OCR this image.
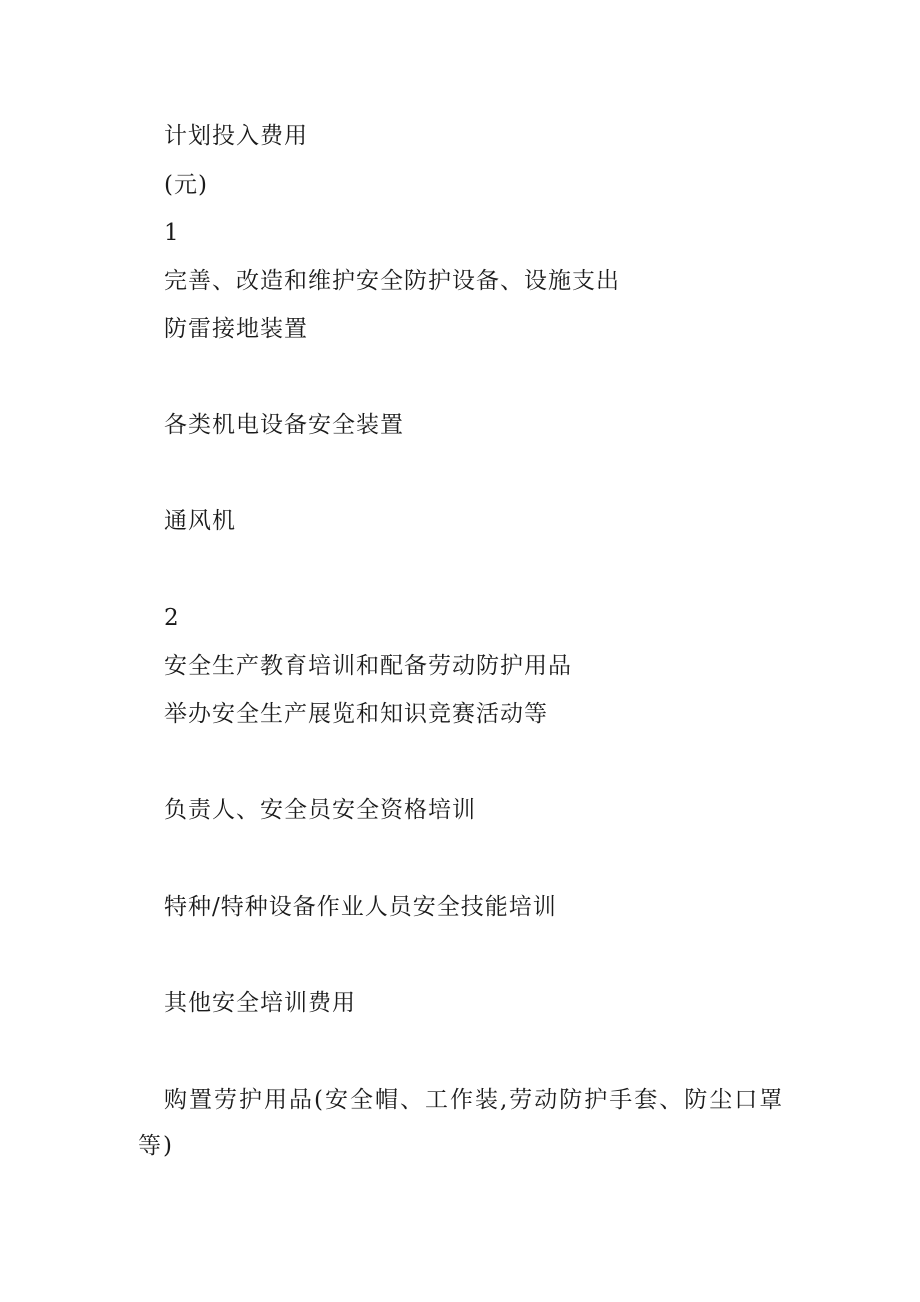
计划投入费用
(元)
1
完善、改造和维护安全防护设备、设施支出
防雷接地装置
各类机电设备安全装置
通风机
2
安全生产教育培训和配备劳动防护用品
举办安全生产展览和知识竞赛活动等
负责人、安全员安全资格培训
特种/特种设备作业人员安全技能培训
其他安全培训费用
购置劳护用品(安全帽、工作装,劳动防护手套、防尘口罩等)
